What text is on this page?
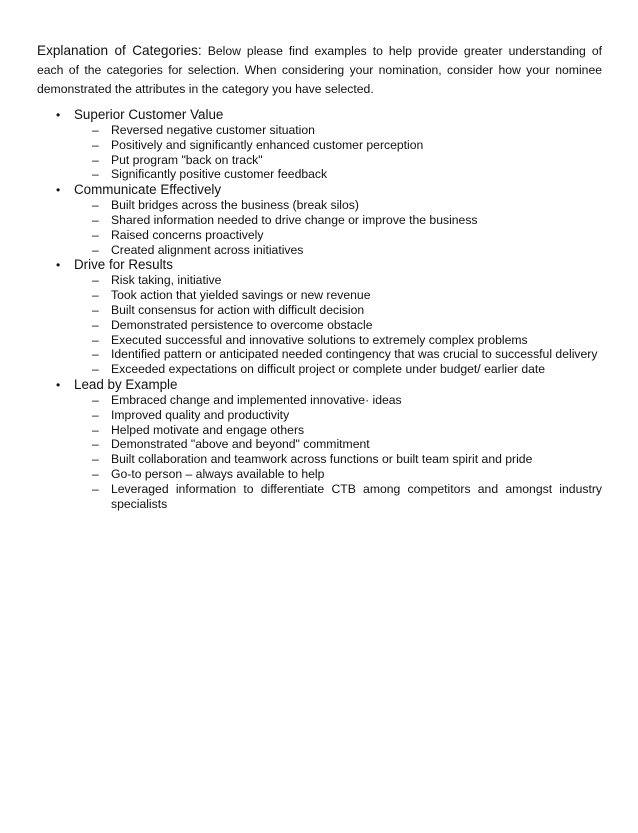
Explanation of Categories: Below please find examples to help provide greater understanding of each of the categories for selection. When considering your nomination, consider how your nominee demonstrated the attributes in the category you have selected.

•	Superior Customer Value
–	Reversed negative customer situation
–	Positively and significantly enhanced customer perception
–	Put program "back on track"
–	Significantly positive customer feedback
•	Communicate Effectively
–	Built bridges across the business (break silos)
–	Shared information needed to drive change or improve the business
–	Raised concerns proactively
–	Created alignment across initiatives
•	Drive for Results
–	Risk taking, initiative
–	Took action that yielded savings or new revenue
–	Built consensus for action with difficult decision
–	Demonstrated persistence to overcome obstacle
–	Executed successful and innovative solutions to extremely complex problems
–	Identified pattern or anticipated needed contingency that was crucial to successful delivery
–	Exceeded expectations on difficult project or complete under budget/ earlier date
•	Lead by Example
–	Embraced change and implemented innovative· ideas
–	Improved quality and productivity
–	Helped motivate and engage others
–	Demonstrated "above and beyond" commitment
–	Built collaboration and teamwork across functions or built team spirit and pride
–	Go-to person – always available to help
–	Leveraged information to differentiate CTB among competitors and amongst industry specialists
